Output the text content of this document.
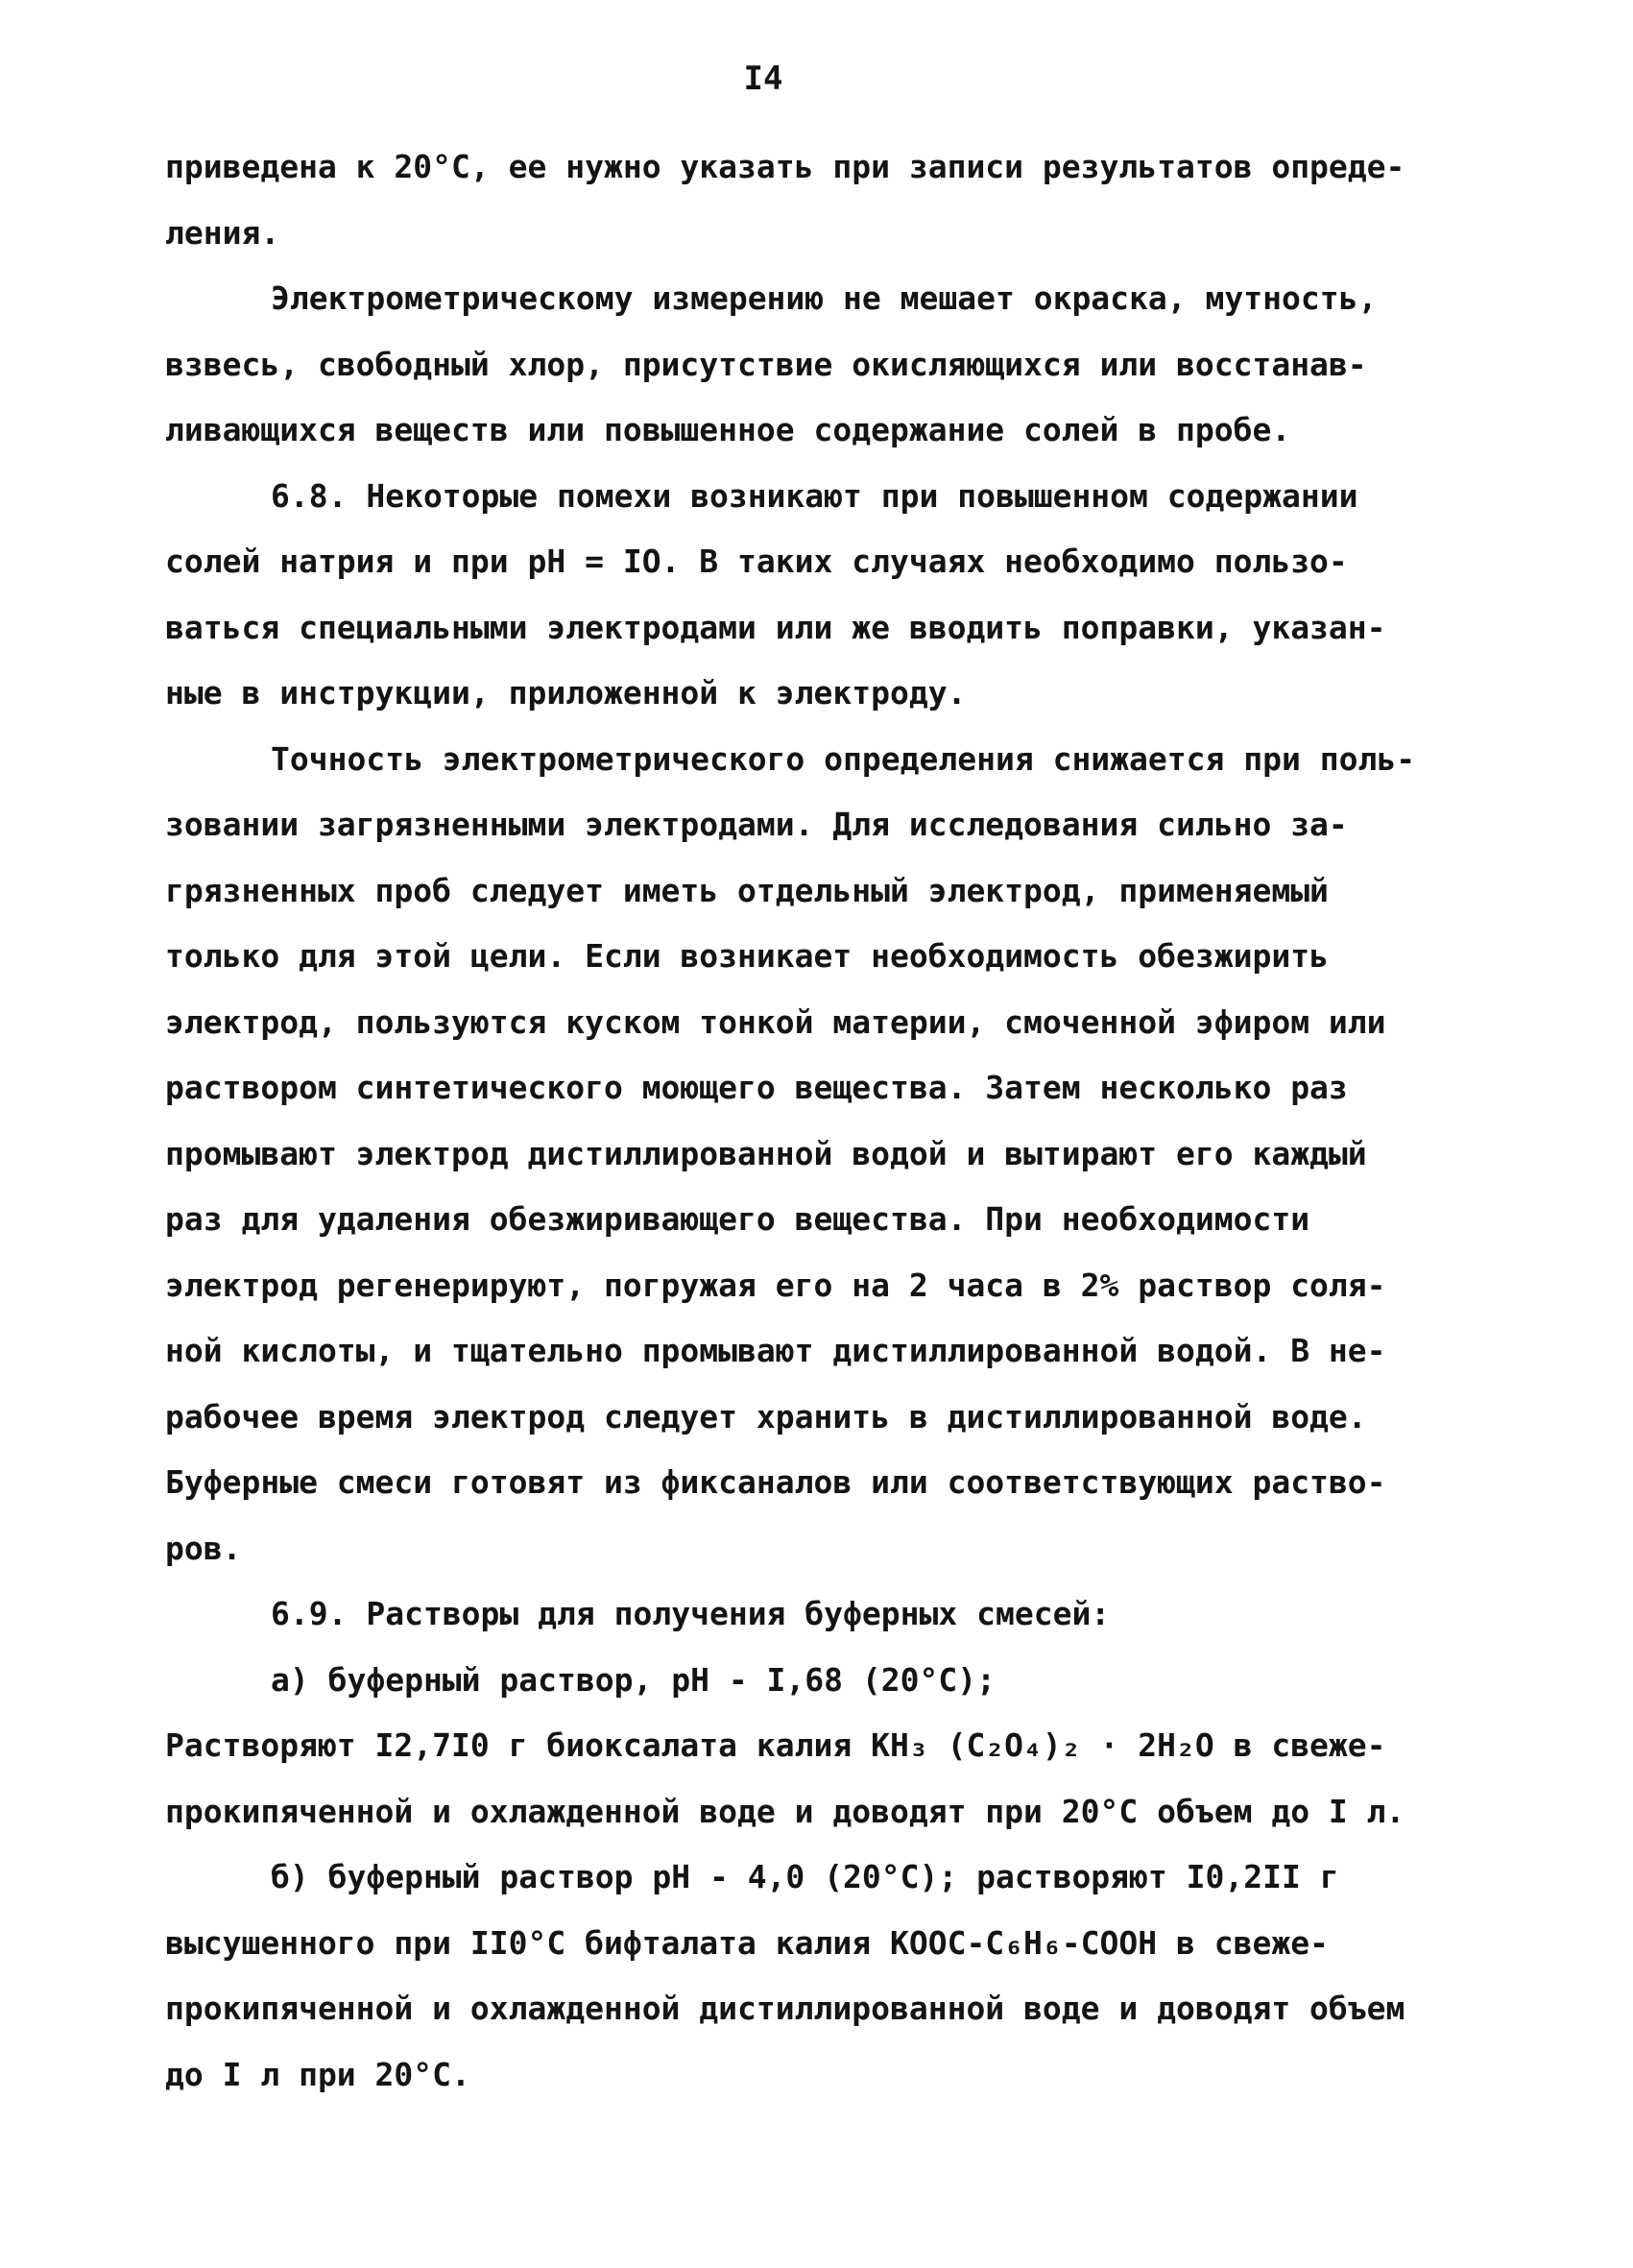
I4
приведена к 20°С, ее нужно указать при записи результатов опреде-
ления.
Электрометрическому измерению не мешает окраска, мутность,
взвесь, свободный хлор, присутствие окисляющихся или восстанав-
ливающихся веществ или повышенное содержание солей в пробе.
6.8. Некоторые помехи возникают при повышенном содержании
солей натрия и при pH = IO. В таких случаях необходимо пользо-
ваться специальными электродами или же вводить поправки, указан-
ные в инструкции, приложенной к электроду.
Точность электрометрического определения снижается при поль-
зовании загрязненными электродами. Для исследования сильно за-
грязненных проб следует иметь отдельный электрод, применяемый
только для этой цели. Если возникает необходимость обезжирить
электрод, пользуются куском тонкой материи, смоченной эфиром или
раствором синтетического моющего вещества. Затем несколько раз
промывают электрод дистиллированной водой и вытирают его каждый
раз для удаления обезжиривающего вещества. При необходимости
электрод регенерируют, погружая его на 2 часа в 2% раствор соля-
ной кислоты, и тщательно промывают дистиллированной водой. В не-
рабочее время электрод следует хранить в дистиллированной воде.
Буферные смеси готовят из фиксаналов или соответствующих раство-
ров.
6.9. Растворы для получения буферных смесей:
а) буферный раствор, pH - I,68 (20°С);
Растворяют I2,7I0 г биоксалата калия KH₃ (C₂O₄)₂ · 2H₂O в свеже-
прокипяченной и охлажденной воде и доводят при 20°С объем до I л.
б) буферный раствор pH - 4,0 (20°С); растворяют I0,2II г
высушенного при II0°С бифталата калия KOOC-C₆H₆-COOH в свеже-
прокипяченной и охлажденной дистиллированной воде и доводят объем
до I л при 20°С.
